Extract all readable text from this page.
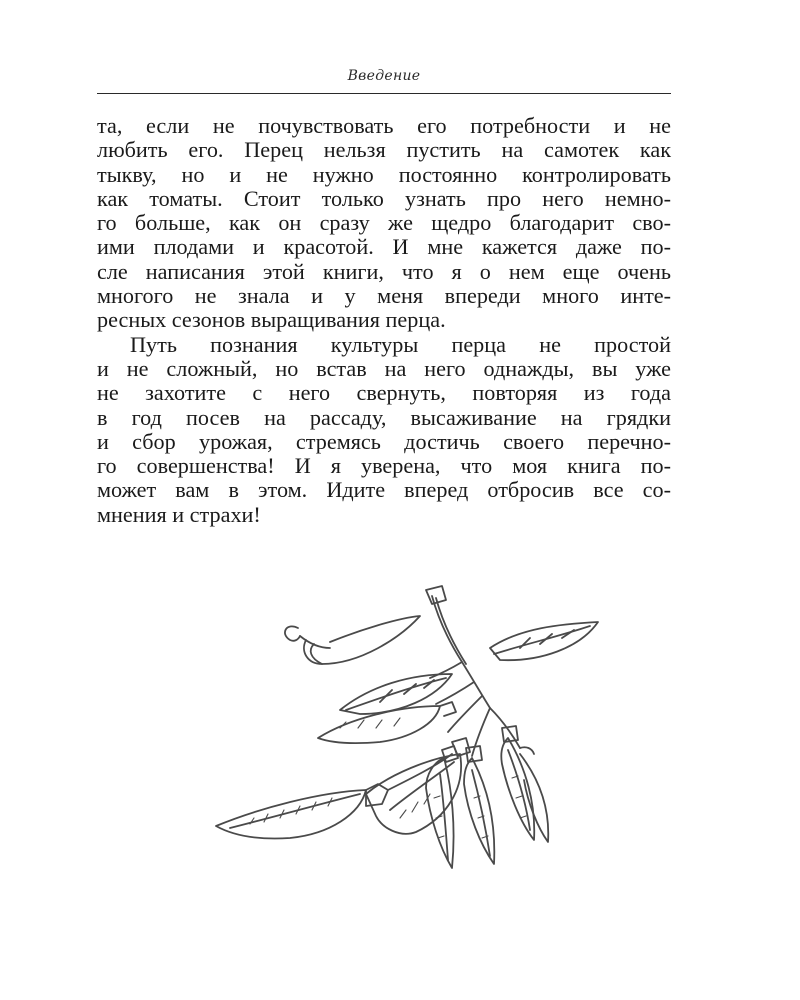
Введение
та, если не почувствовать его потребности и не
любить его. Перец нельзя пустить на самотек как
тыкву, но и не нужно постоянно контролировать
как томаты. Стоит только узнать про него немно-
го больше, как он сразу же щедро благодарит сво-
ими плодами и красотой. И мне кажется даже по-
сле написания этой книги, что я о нем еще очень
многого не знала и у меня впереди много инте-
ресных сезонов выращивания перца.
Путь познания культуры перца не простой
и не сложный, но встав на него однажды, вы уже
не захотите с него свернуть, повторяя из года
в год посев на рассаду, высаживание на грядки
и сбор урожая, стремясь достичь своего перечно-
го совершенства! И я уверена, что моя книга по-
может вам в этом. Идите вперед отбросив все со-
мнения и страхи!
